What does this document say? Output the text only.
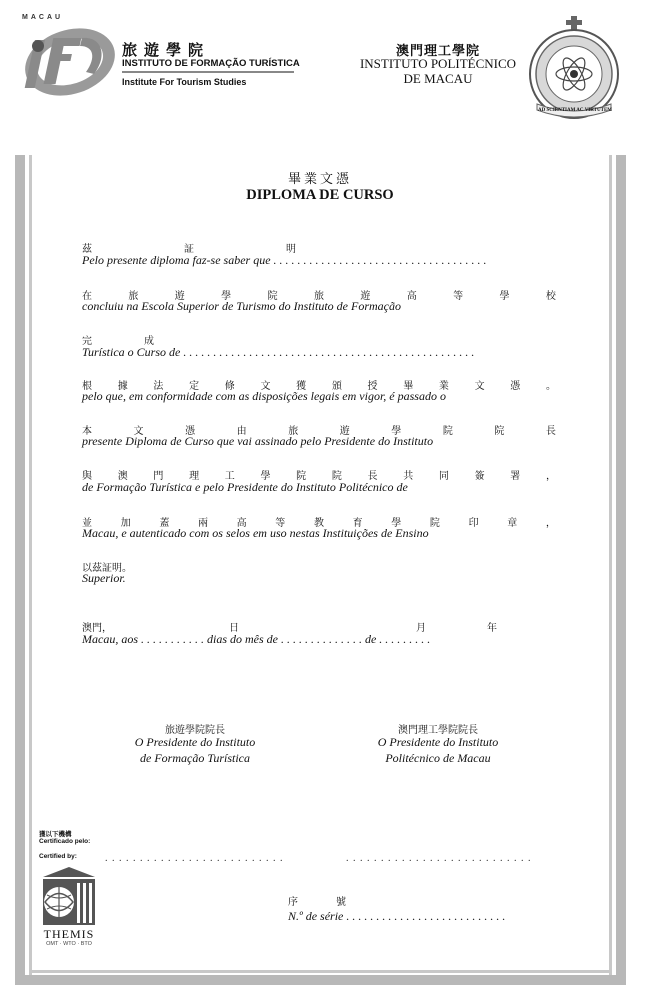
MACAU
旅遊學院
INSTITUTO DE FORMAÇÃO TURÍSTICA
Institute For Tourism Studies
澳門理工學院
INSTITUTO POLITÉCNICO
DE MACAU
AD SCIENTIAM AC VIRTUTEM
畢業文憑
DIPLOMA DE CURSO
茲	証	明
Pelo presente diploma faz-se saber que . . . . . . . . . . . . . . . . . . . . . . . . . . . . . . . . . . . .
在	旅	遊	學	院	旅	遊	高	等	學	校
concluiu na Escola Superior de Turismo do Instituto de Formação
完	成
Turística o Curso de . . . . . . . . . . . . . . . . . . . . . . . . . . . . . . . . . . . . . . . . . . . . . . . . .
根	據	法	定	條	文	獲	頒	授	畢	業	文	憑	。
pelo que, em conformidade com as disposições legais em vigor, é passado o
本	文	憑	由	旅	遊	學	院	院	長
presente Diploma de Curso que vai assinado pelo Presidente do Instituto
與	澳	門	理	工	學	院	院	長	共	同	簽	署	，
de Formação Turística e pelo Presidente do Instituto Politécnico de
並	加	蓋	兩	高	等	教	育	學	院	印	章	，
Macau, e autenticado com os selos em uso nestas Instituições de Ensino
以茲証明。
Superior.
澳門，	日	月	年
Macau, aos . . . . . . . . . . . dias do mês de . . . . . . . . . . . . . . de . . . . . . . . .
旅遊學院院長
O Presidente do Instituto
de Formação Turística
澳門理工學院院長
O Presidente do Instituto
Politécnico de Macau
獲以下機構
Certificado pelo:
Certified by:	. . . . . . . . . . . . . . . . . . . . . . . . . .	. . . . . . . . . . . . . . . . . . . . . . . . . . .
THEMIS
OMT · WTO · BTO
序	號
N.º de série . . . . . . . . . . . . . . . . . . . . . . . . . . .
